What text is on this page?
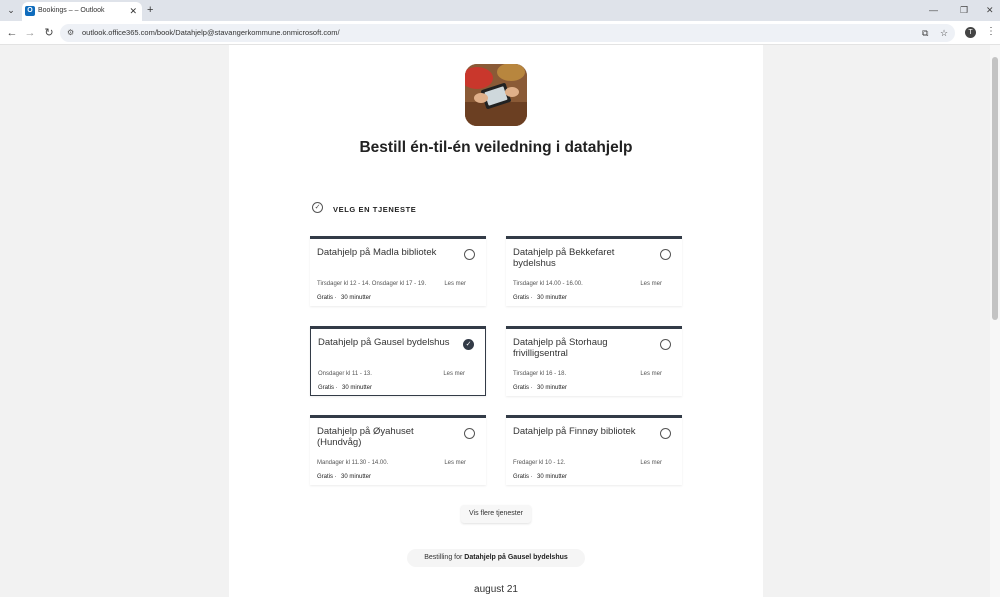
⌄	O Bookings – – Outlook	✕ +	— ❐ ✕
← → ↻ ⚙ outlook.office365.com/book/Datahjelp@stavangerkommune.onmicrosoft.com/	⧉ ☆	T	⋮
Bestill én-til-én veiledning i datahjelp
✓	VELG EN TJENESTE
Datahjelp på Madla bibliotek
Tirsdager kl 12 - 14. Onsdager kl 17 - 19.	Les mer
Gratis · 30 minutter
Datahjelp på Bekkefaret bydelshus
Tirsdager kl 14.00 - 16.00.	Les mer
Gratis · 30 minutter
Datahjelp på Gausel bydelshus	✓
Onsdager kl 11 - 13.	Les mer
Gratis · 30 minutter
Datahjelp på Storhaug frivilligsentral
Tirsdager kl 16 - 18.	Les mer
Gratis · 30 minutter
Datahjelp på Øyahuset (Hundvåg)
Mandager kl 11.30 - 14.00.	Les mer
Gratis · 30 minutter
Datahjelp på Finnøy bibliotek
Fredager kl 10 - 12.	Les mer
Gratis · 30 minutter
Vis flere tjenester
Bestilling for Datahjelp på Gausel bydelshus
august 21
